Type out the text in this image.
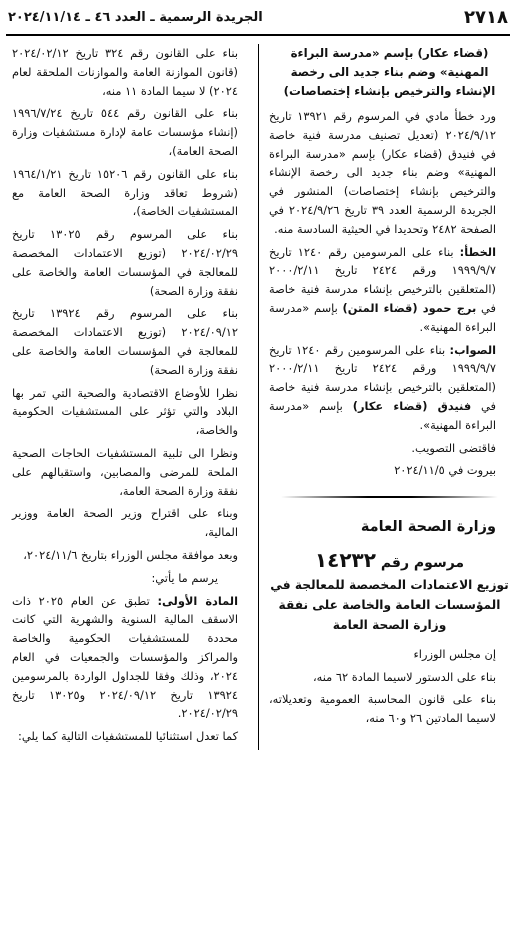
٢٧١٨
الجريدة الرسمية ـ العدد ٤٦ ـ ٢٠٢٤/١١/١٤

(قضاء عكار) بإسم «مدرسة البراءة المهنية» وضم بناء جديد الى رخصة الإنشاء والترخيص بإنشاء إختصاصات)

ورد خطأ مادي في المرسوم رقم ١٣٩٢١ تاريخ ٢٠٢٤/٩/١٢ (تعديل تصنيف مدرسة فنية خاصة في فنيدق (قضاء عكار) بإسم «مدرسة البراءة المهنية» وضم بناء جديد الى رخصة الإنشاء والترخيص بإنشاء إختصاصات) المنشور في الجريدة الرسمية العدد ٣٩ تاريخ ٢٠٢٤/٩/٢٦ في الصفحة ٢٤٨٢ وتحديدا في الحيثية السادسة منه.

الخطأ: بناء على المرسومين رقم ١٢٤٠ تاريخ ١٩٩٩/٩/٧ ورقم ٢٤٢٤ تاريخ ٢٠٠٠/٢/١١ (المتعلقين بالترخيص بإنشاء مدرسة فنية خاصة في برج حمود (قضاء المتن) بإسم «مدرسة البراءة المهنية».

الصواب: بناء على المرسومين رقم ١٢٤٠ تاريخ ١٩٩٩/٩/٧ ورقم ٢٤٢٤ تاريخ ٢٠٠٠/٢/١١ (المتعلقين بالترخيص بإنشاء مدرسة فنية خاصة في فنيدق (قضاء عكار) بإسم «مدرسة البراءة المهنية».

فاقتضى التصويب.

بيروت في ٢٠٢٤/١١/٥

وزارة الصحة العامة

مرسوم رقم ١٤٢٣٢

توزيع الاعتمادات المخصصة للمعالجة في المؤسسات العامة والخاصة على نفقة وزارة الصحة العامة

إن مجلس الوزراء

بناء على الدستور لاسيما المادة ٦٢ منه،

بناء على قانون المحاسبة العمومية وتعديلاته، لاسيما المادتين ٢٦ و٦٠ منه،

بناء على القانون رقم ٣٢٤ تاريخ ٢٠٢٤/٠٢/١٢ (قانون الموازنة العامة والموازنات الملحقة لعام ٢٠٢٤) لا سيما المادة ١١ منه،

بناء على القانون رقم ٥٤٤ تاريخ ١٩٩٦/٧/٢٤ (إنشاء مؤسسات عامة لإدارة مستشفيات وزارة الصحة العامة)،

بناء على القانون رقم ١٥٢٠٦ تاريخ ١٩٦٤/١/٢١ (شروط تعاقد وزارة الصحة العامة مع المستشفيات الخاصة)،

بناء على المرسوم رقم ١٣٠٢٥ تاريخ ٢٠٢٤/٠٢/٢٩ (توزيع الاعتمادات المخصصة للمعالجة في المؤسسات العامة والخاصة على نفقة وزارة الصحة)

بناء على المرسوم رقم ١٣٩٢٤ تاريخ ٢٠٢٤/٠٩/١٢ (توزيع الاعتمادات المخصصة للمعالجة في المؤسسات العامة والخاصة على نفقة وزارة الصحة)

نظرا للأوضاع الاقتصادية والصحية التي تمر بها البلاد والتي تؤثر على المستشفيات الحكومية والخاصة،

ونظرا الى تلبية المستشفيات الحاجات الصحية الملحة للمرضى والمصابين، واستقبالهم على نفقة وزارة الصحة العامة،

وبناء على اقتراح وزير الصحة العامة ووزير المالية،

وبعد موافقة مجلس الوزراء بتاريخ ٢٠٢٤/١١/٦،

يرسم ما يأتي:

المادة الأولى: تطبق عن العام ٢٠٢٥ ذات الاسقف المالية السنوية والشهرية التي كانت محددة للمستشفيات الحكومية والخاصة والمراكز والمؤسسات والجمعيات في العام ٢٠٢٤، وذلك وفقا للجداول الواردة بالمرسومين ١٣٩٢٤ تاريخ ٢٠٢٤/٠٩/١٢ و١٣٠٢٥ تاريخ ٢٠٢٤/٠٢/٢٩.

كما تعدل استثنائيا للمستشفيات التالية كما يلي:
